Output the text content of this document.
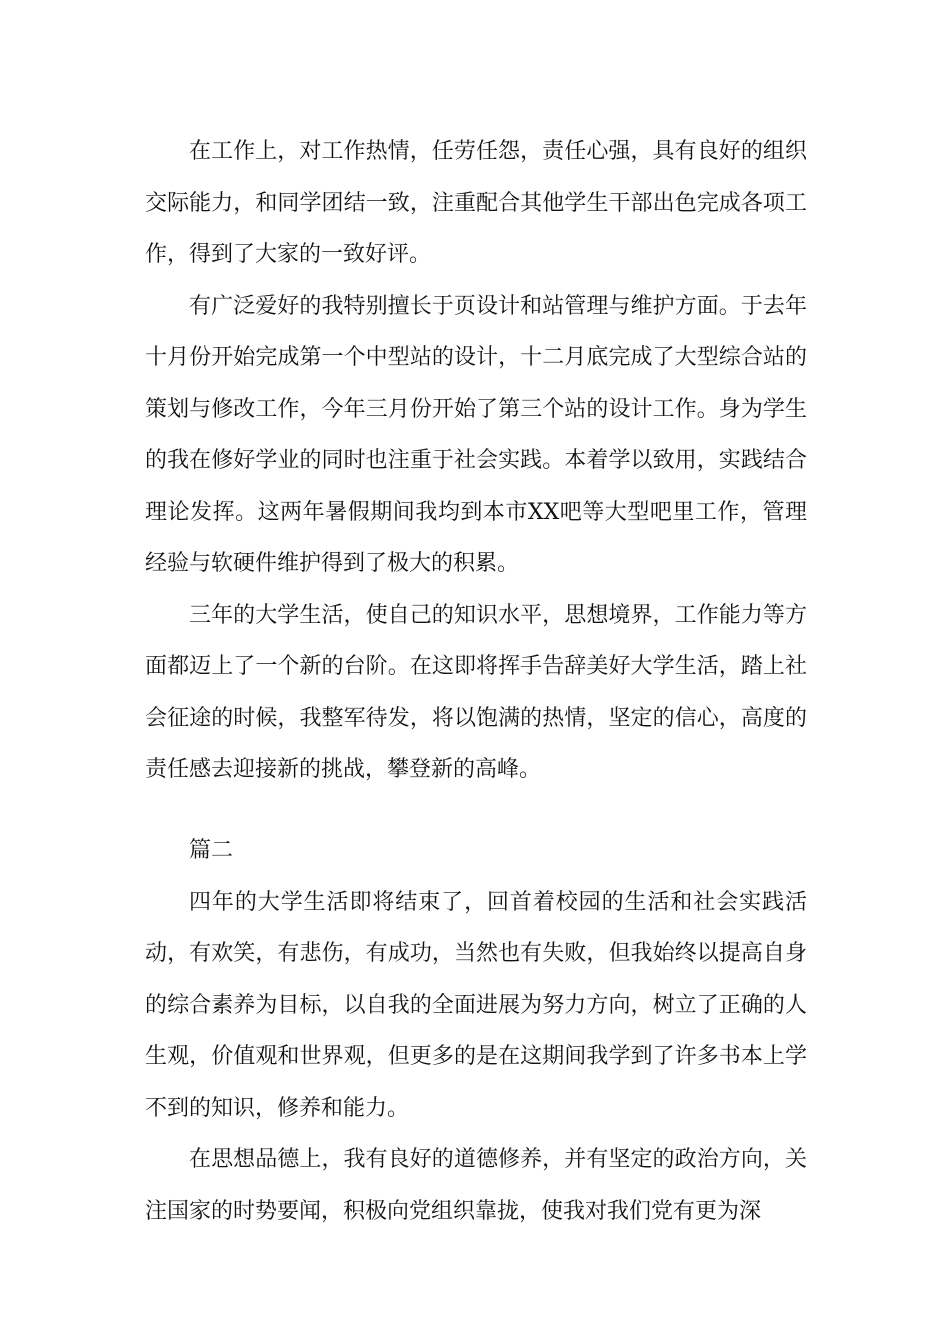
在工作上，对工作热情，任劳任怨，责任心强，具有良好的组织交际能力，和同学团结一致，注重配合其他学生干部出色完成各项工作，得到了大家的一致好评。

有广泛爱好的我特别擅长于页设计和站管理与维护方面。于去年十月份开始完成第一个中型站的设计，十二月底完成了大型综合站的策划与修改工作，今年三月份开始了第三个站的设计工作。身为学生的我在修好学业的同时也注重于社会实践。本着学以致用，实践结合理论发挥。这两年暑假期间我均到本市XX吧等大型吧里工作，管理经验与软硬件维护得到了极大的积累。

三年的大学生活，使自己的知识水平，思想境界，工作能力等方面都迈上了一个新的台阶。在这即将挥手告辞美好大学生活，踏上社会征途的时候，我整军待发，将以饱满的热情，坚定的信心，高度的责任感去迎接新的挑战，攀登新的高峰。

篇二

四年的大学生活即将结束了，回首着校园的生活和社会实践活动，有欢笑，有悲伤，有成功，当然也有失败，但我始终以提高自身的综合素养为目标，以自我的全面进展为努力方向，树立了正确的人生观，价值观和世界观，但更多的是在这期间我学到了许多书本上学不到的知识，修养和能力。

在思想品德上，我有良好的道德修养，并有坚定的政治方向，关注国家的时势要闻，积极向党组织靠拢，使我对我们党有更为深
